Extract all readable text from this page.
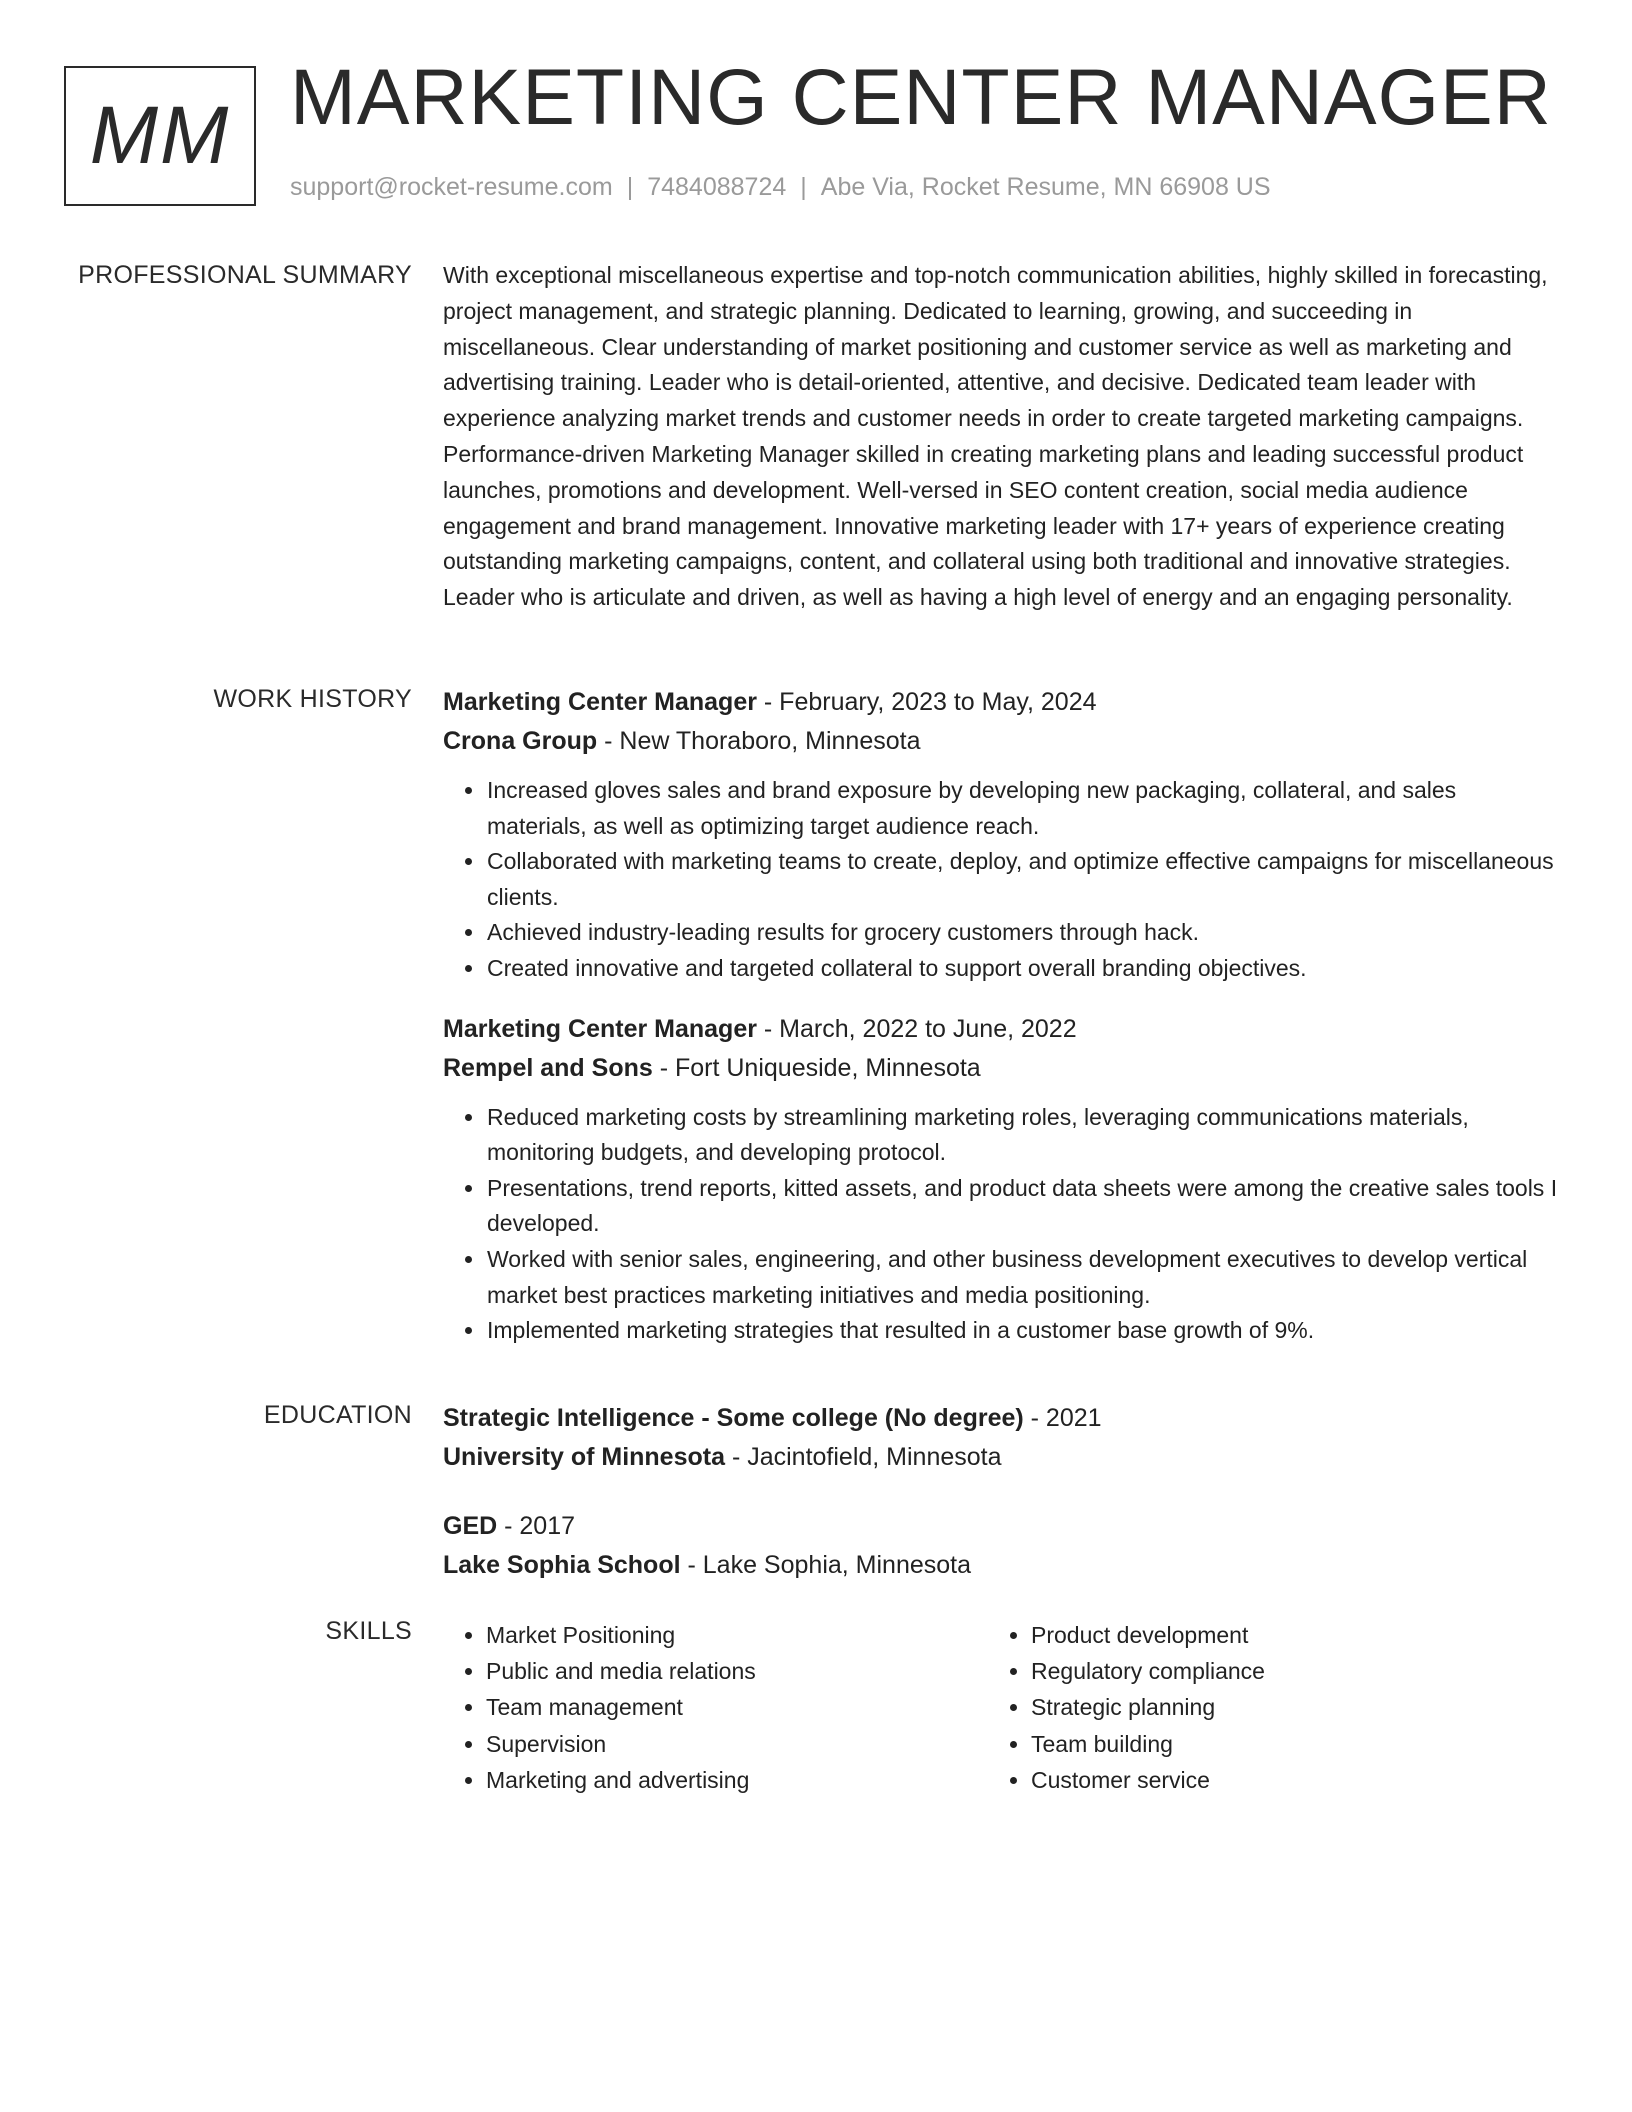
MM MARKETING CENTER MANAGER
support@rocket-resume.com | 7484088724 | Abe Via, Rocket Resume, MN 66908 US
PROFESSIONAL SUMMARY With exceptional miscellaneous expertise and top-notch communication abilities, highly skilled in forecasting, project management, and strategic planning. Dedicated to learning, growing, and succeeding in miscellaneous. Clear understanding of market positioning and customer service as well as marketing and advertising training. Leader who is detail-oriented, attentive, and decisive. Dedicated team leader with experience analyzing market trends and customer needs in order to create targeted marketing campaigns. Performance-driven Marketing Manager skilled in creating marketing plans and leading successful product launches, promotions and development. Well-versed in SEO content creation, social media audience engagement and brand management. Innovative marketing leader with 17+ years of experience creating outstanding marketing campaigns, content, and collateral using both traditional and innovative strategies. Leader who is articulate and driven, as well as having a high level of energy and an engaging personality.

WORK HISTORY Marketing Center Manager - February, 2023 to May, 2024

Crona Group - New Thoraboro, Minnesota

• Increased gloves sales and brand exposure by developing new packaging, collateral, and sales materials, as well as optimizing target audience reach.
• Collaborated with marketing teams to create, deploy, and optimize effective campaigns for miscellaneous clients.
• Achieved industry-leading results for grocery customers through hack.
• Created innovative and targeted collateral to support overall branding objectives.

Marketing Center Manager - March, 2022 to June, 2022

Rempel and Sons - Fort Uniqueside, Minnesota

• Reduced marketing costs by streamlining marketing roles, leveraging communications materials, monitoring budgets, and developing protocol.
• Presentations, trend reports, kitted assets, and product data sheets were among the creative sales tools I developed.
• Worked with senior sales, engineering, and other business development executives to develop vertical market best practices marketing initiatives and media positioning.
• Implemented marketing strategies that resulted in a customer base growth of 9%.
EDUCATION Strategic Intelligence - Some college (No degree) - 2021

University of Minnesota - Jacintofield, Minnesota

GED - 2017

Lake Sophia School - Lake Sophia, Minnesota

SKILLS
•	Market Positioning
• Public and media relations
• Team management
• Supervision
• Marketing and advertising
• Product development
• Regulatory compliance
• Strategic planning
• Team building
• Customer service
